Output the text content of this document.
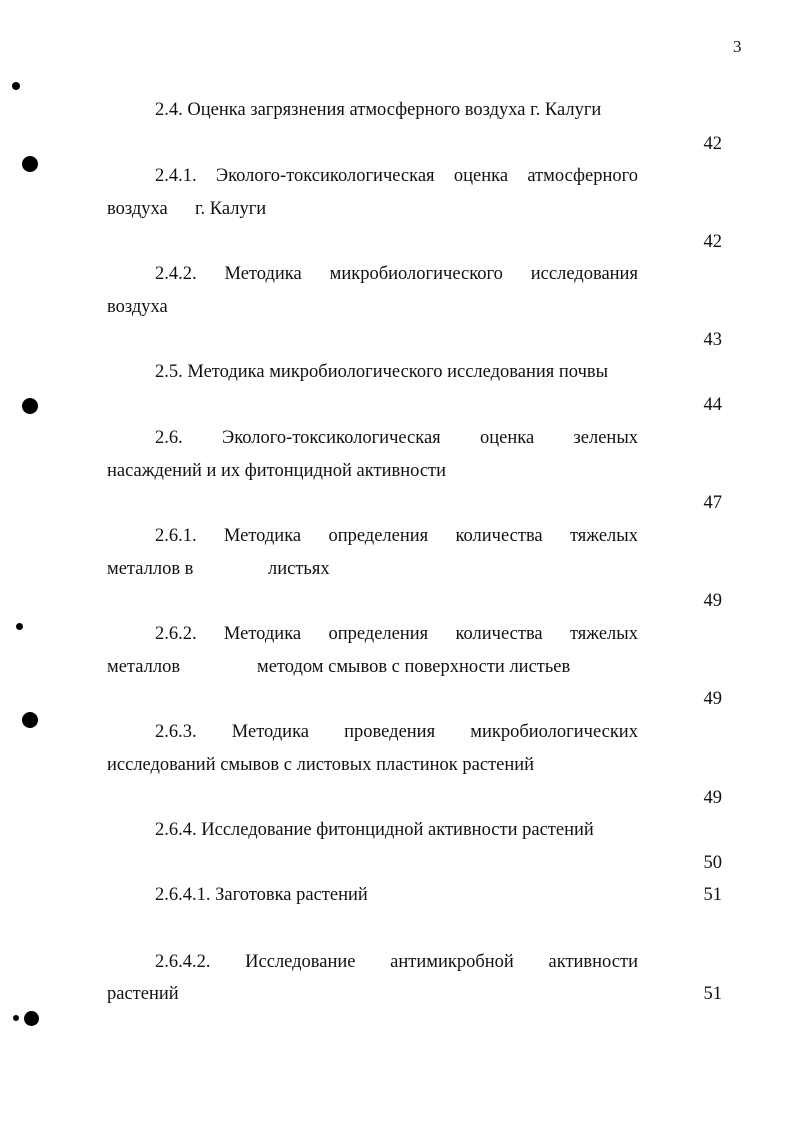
3
2.4. Оценка загрязнения атмосферного воздуха г. Калуги
42
2.4.1. Эколого-токсикологическая оценка атмосферного
воздуха г. Калуги
42
2.4.2. Методика микробиологического исследования
воздуха
43
2.5. Методика микробиологического исследования почвы
44
2.6. Эколого-токсикологическая оценка зеленых
насаждений и их фитонцидной активности
47
2.6.1. Методика определения количества тяжелых
металлов в	листьях
49
2.6.2. Методика определения количества тяжелых
металлов	методом смывов с поверхности листьев
49
2.6.3. Методика проведения микробиологических
исследований смывов с листовых пластинок растений
49
2.6.4. Исследование фитонцидной активности растений
50
2.6.4.1. Заготовка растений	51
2.6.4.2. Исследование антимикробной активности
растений	51
